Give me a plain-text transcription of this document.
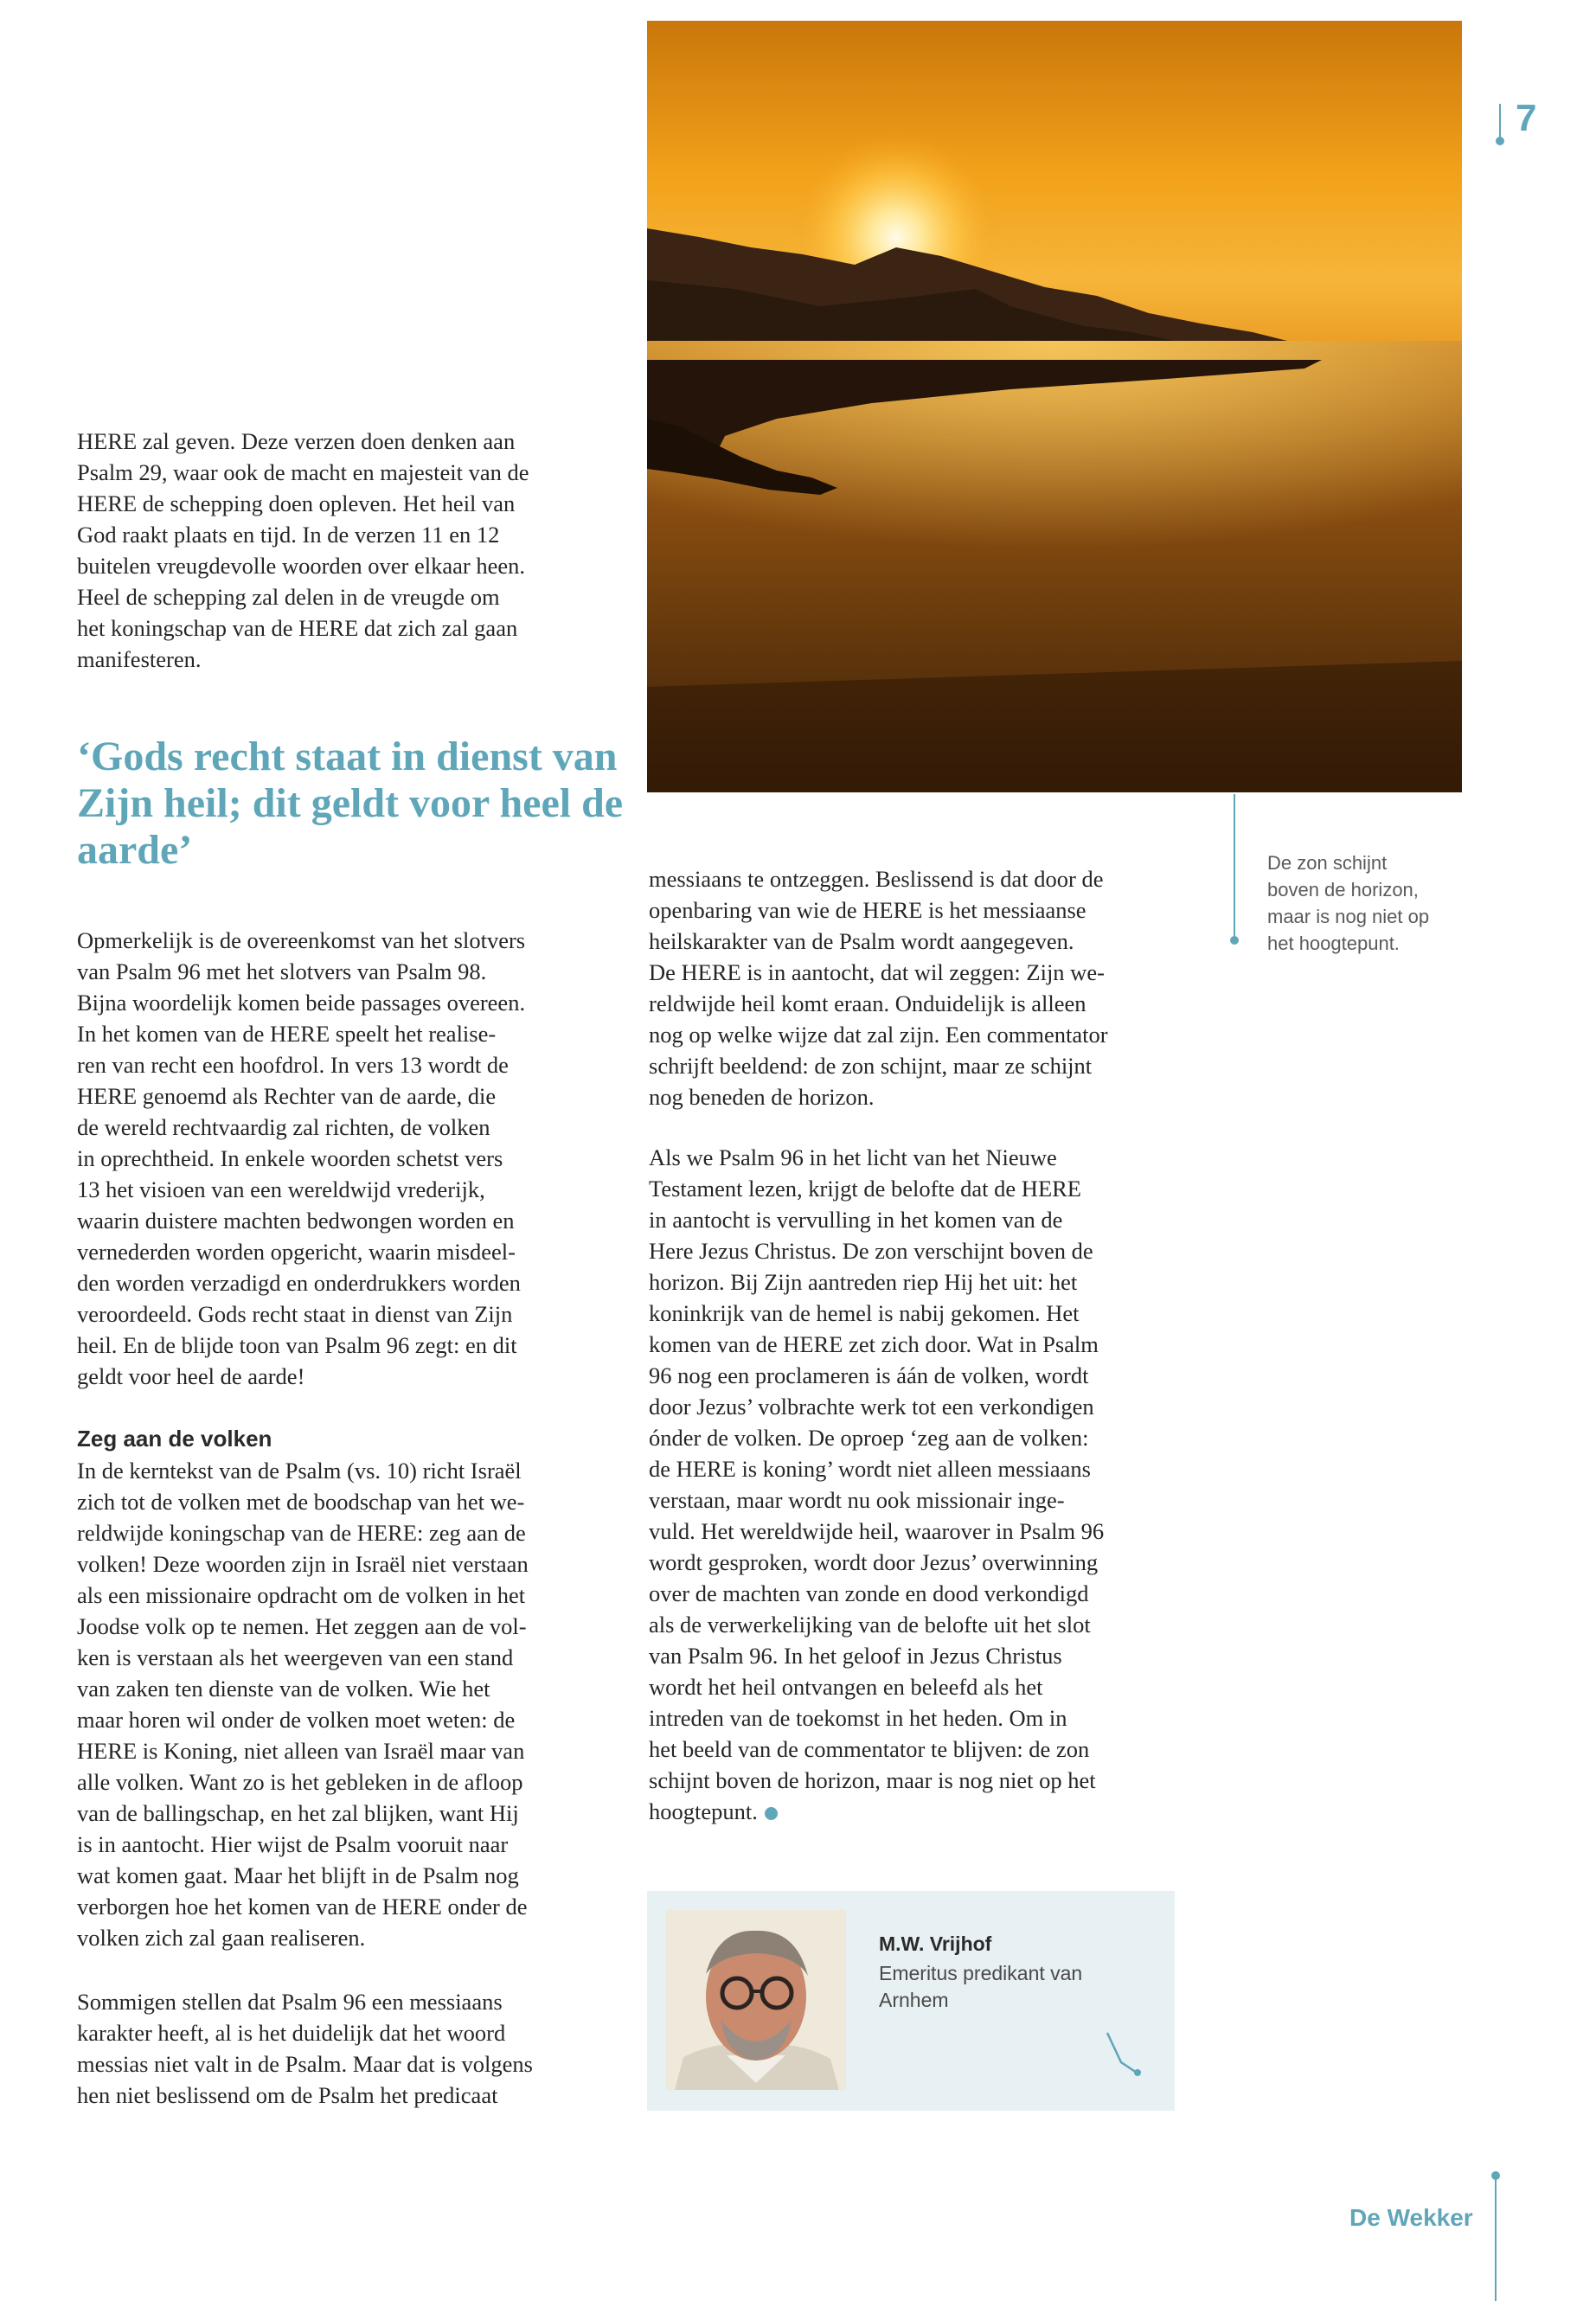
7

HERE zal geven. Deze verzen doen denken aan
Psalm 29, waar ook de macht en majesteit van de
HERE de schepping doen opleven. Het heil van
God raakt plaats en tijd. In de verzen 11 en 12
buitelen vreugdevolle woorden over elkaar heen.
Heel de schepping zal delen in de vreugde om
het koningschap van de HERE dat zich zal gaan
manifesteren.

‘Gods recht staat in dienst van Zijn heil; dit geldt voor heel de aarde’

Opmerkelijk is de overeenkomst van het slotvers
van Psalm 96 met het slotvers van Psalm 98.
Bijna woordelijk komen beide passages overeen.
In het komen van de HERE speelt het realise-
ren van recht een hoofdrol. In vers 13 wordt de
HERE genoemd als Rechter van de aarde, die
de wereld rechtvaardig zal richten, de volken
in oprechtheid. In enkele woorden schetst vers
13 het visioen van een wereldwijd vrederijk,
waarin duistere machten bedwongen worden en
vernederden worden opgericht, waarin misdeel-
den worden verzadigd en onderdrukkers worden
veroordeeld. Gods recht staat in dienst van Zijn
heil. En de blijde toon van Psalm 96 zegt: en dit
geldt voor heel de aarde!

Zeg aan de volken

In de kerntekst van de Psalm (vs. 10) richt Israël
zich tot de volken met de boodschap van het we-
reldwijde koningschap van de HERE: zeg aan de
volken! Deze woorden zijn in Israël niet verstaan
als een missionaire opdracht om de volken in het
Joodse volk op te nemen. Het zeggen aan de vol-
ken is verstaan als het weergeven van een stand
van zaken ten dienste van de volken. Wie het
maar horen wil onder de volken moet weten: de
HERE is Koning, niet alleen van Israël maar van
alle volken. Want zo is het gebleken in de afloop
van de ballingschap, en het zal blijken, want Hij
is in aantocht. Hier wijst de Psalm vooruit naar
wat komen gaat. Maar het blijft in de Psalm nog
verborgen hoe het komen van de HERE onder de
volken zich zal gaan realiseren.

Sommigen stellen dat Psalm 96 een messiaans
karakter heeft, al is het duidelijk dat het woord
messias niet valt in de Psalm. Maar dat is volgens
hen niet beslissend om de Psalm het predicaat

messiaans te ontzeggen. Beslissend is dat door de
openbaring van wie de HERE is het messiaanse
heilskarakter van de Psalm wordt aangegeven.
De HERE is in aantocht, dat wil zeggen: Zijn we-
reldwijde heil komt eraan. Onduidelijk is alleen
nog op welke wijze dat zal zijn. Een commentator
schrijft beeldend: de zon schijnt, maar ze schijnt
nog beneden de horizon.

Als we Psalm 96 in het licht van het Nieuwe
Testament lezen, krijgt de belofte dat de HERE
in aantocht is vervulling in het komen van de
Here Jezus Christus. De zon verschijnt boven de
horizon. Bij Zijn aantreden riep Hij het uit: het
koninkrijk van de hemel is nabij gekomen. Het
komen van de HERE zet zich door. Wat in Psalm
96 nog een proclameren is áán de volken, wordt
door Jezus’ volbrachte werk tot een verkondigen
ónder de volken. De oproep ‘zeg aan de volken:
de HERE is koning’ wordt niet alleen messiaans
verstaan, maar wordt nu ook missionair inge-
vuld. Het wereldwijde heil, waarover in Psalm 96
wordt gesproken, wordt door Jezus’ overwinning
over de machten van zonde en dood verkondigd
als de verwerkelijking van de belofte uit het slot
van Psalm 96. In het geloof in Jezus Christus
wordt het heil ontvangen en beleefd als het
intreden van de toekomst in het heden. Om in
het beeld van de commentator te blijven: de zon
schijnt boven de horizon, maar is nog niet op het
hoogtepunt.

De zon schijnt
boven de horizon,
maar is nog niet op
het hoogtepunt.
M.W. Vrijhof
Emeritus predikant van Arnhem
De Wekker
